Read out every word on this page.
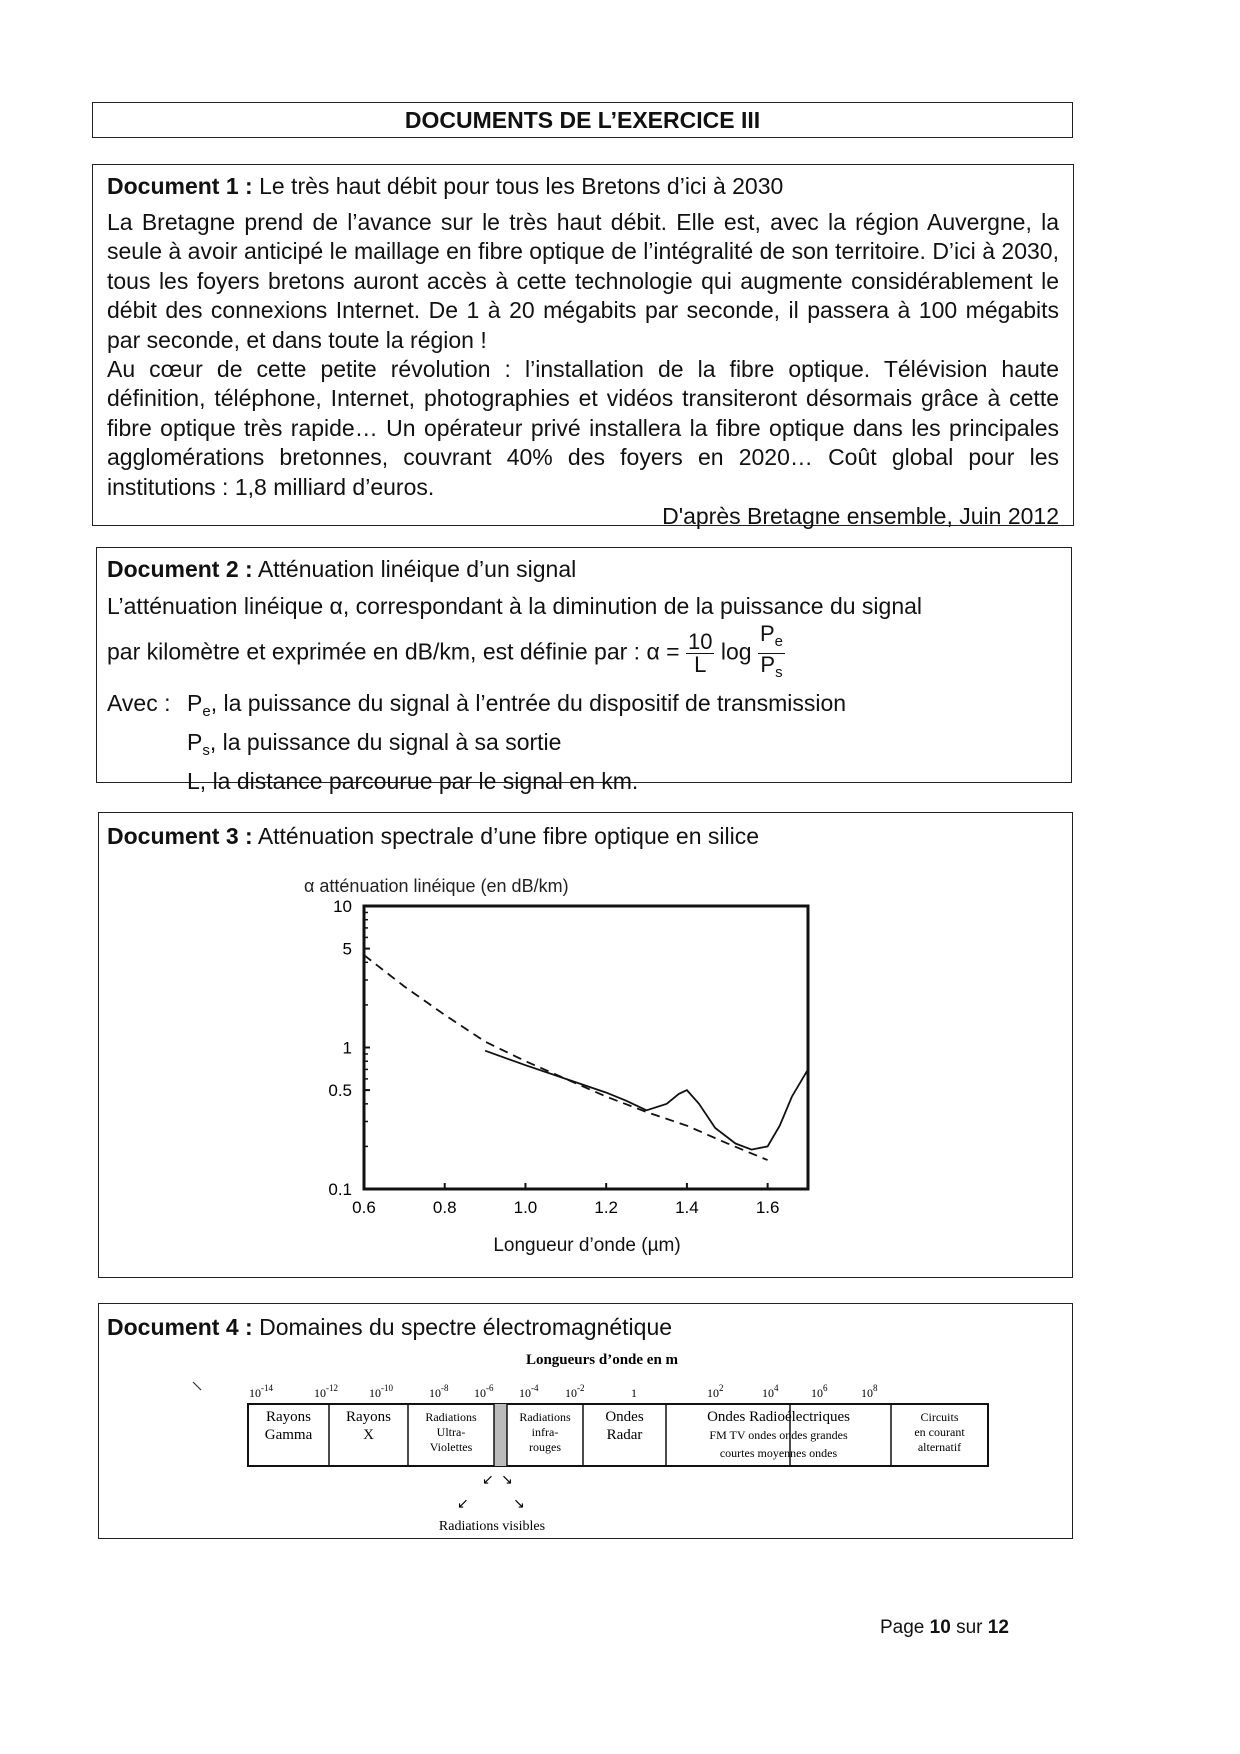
DOCUMENTS DE L’EXERCICE III
Document 1 : Le très haut débit pour tous les Bretons d’ici à 2030

La Bretagne prend de l’avance sur le très haut débit. Elle est, avec la région Auvergne, la seule à avoir anticipé le maillage en fibre optique de l’intégralité de son territoire. D’ici à 2030, tous les foyers bretons auront accès à cette technologie qui augmente considérablement le débit des connexions Internet. De 1 à 20 mégabits par seconde, il passera à 100 mégabits par seconde, et dans toute la région !

Au cœur de cette petite révolution : l’installation de la fibre optique. Télévision haute définition, téléphone, Internet, photographies et vidéos transiteront désormais grâce à cette fibre optique très rapide… Un opérateur privé installera la fibre optique dans les principales agglomérations bretonnes, couvrant 40% des foyers en 2020… Coût global pour les institutions : 1,8 milliard d’euros.

D'après Bretagne ensemble, Juin 2012
Document 2 : Atténuation linéique d’un signal
L’atténuation linéique α, correspondant à la diminution de la puissance du signal
par kilomètre et exprimée en dB/km, est définie par : $\alpha = \frac{10}{L}$ $\log \frac{P_e}{P_s}$
Avec : $P_e$, la puissance du signal à l’entrée du dispositif de transmission
$P_s$, la puissance du signal à sa sortie
L, la distance parcourue par le signal en km.
Document 3 : Atténuation spectrale d’une fibre optique en silice
α atténuation linéique (en dB/km)
10
5
1
0.5
0.1
0.6	0.8	1.0	1.2	1.4	1.6
Longueur d’onde (µm)
Document 4 : Domaines du spectre électromagnétique
Longueurs d’onde en m
$10^{-14}$	$10^{-12}$	$10^{-10}$	$10^{-8}$ $10^{-6}$ $10^{-4}$ $10^{-2}$	1	$10^2$	$10^4$	$10^6$	$10^8$
Rayons
Gamma
Rayons
X
Radiations
Ultra-
Violettes
Radiations
infra-
rouges
Ondes
Radar
Ondes Radioélectriques
FM TV ondes ondes grandes
courtes moyennes ondes
Circuits
en courant
alternatif
↙ ↘
↙	↘
Radiations visibles
Page 10 sur 12
